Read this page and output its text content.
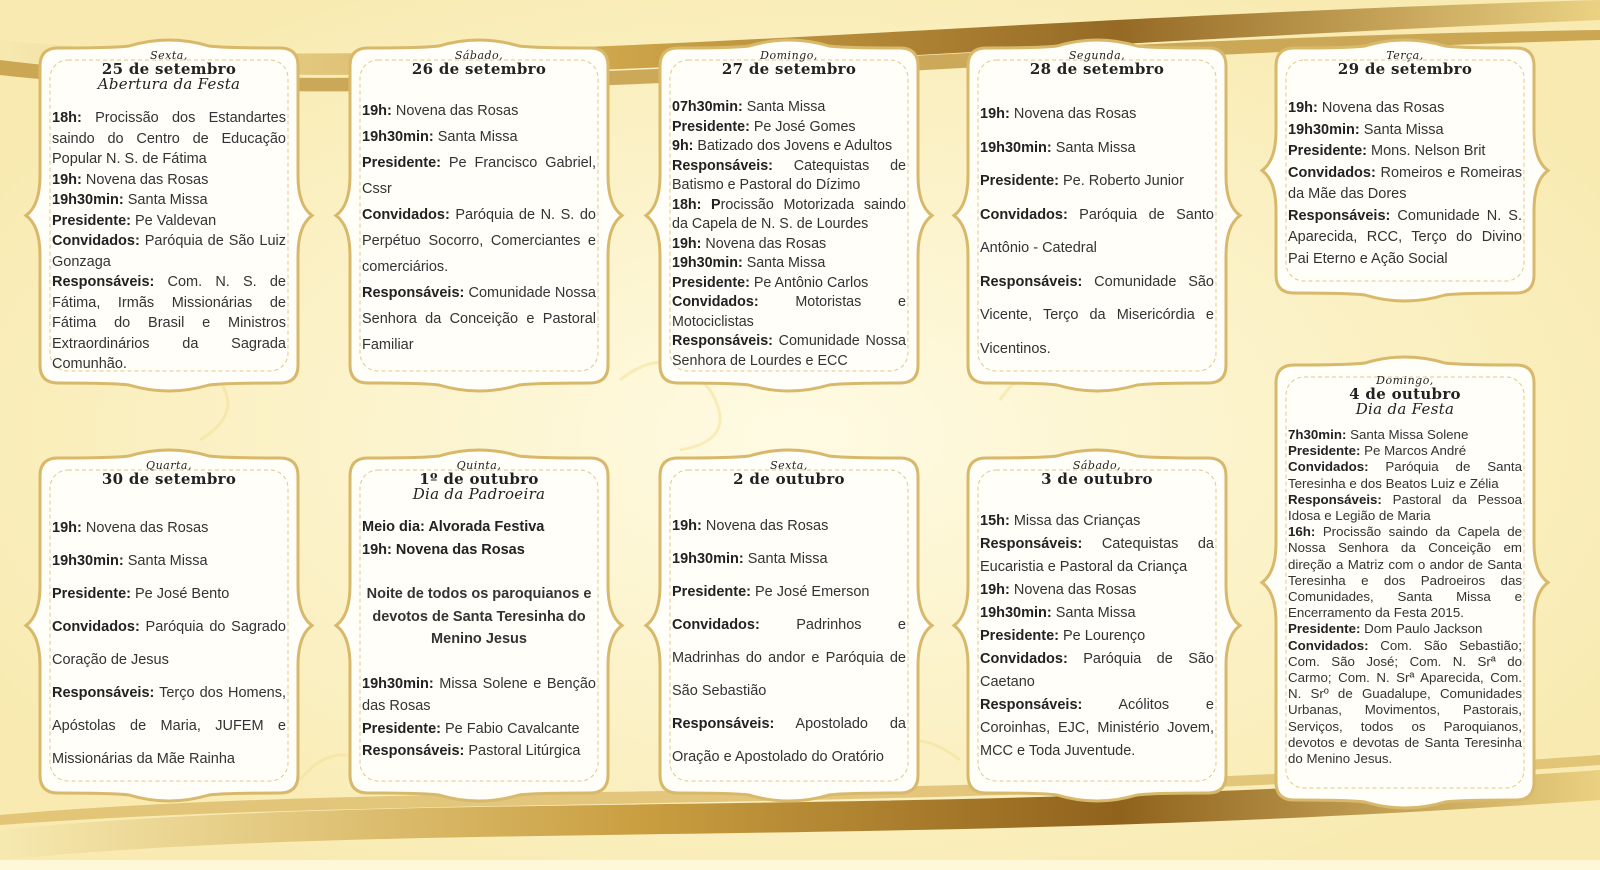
Sexta,
25 de setembro
Abertura da Festa

18h: Procissão dos Estandartes saindo do Centro de Educação Popular N. S. de Fátima

19h: Novena das Rosas

19h30min: Santa Missa

Presidente: Pe Valdevan

Convidados: Paróquia de São Luiz Gonzaga

Responsáveis: Com. N. S. de Fátima, Irmãs Missionárias de Fátima do Brasil e Ministros Extraordinários da Sagrada Comunhão.

Sábado,
26 de setembro

19h: Novena das Rosas

19h30min: Santa Missa

Presidente: Pe Francisco Gabriel, Cssr

Convidados: Paróquia de N. S. do Perpétuo Socorro, Comerciantes e comerciários.

Responsáveis: Comunidade Nossa Senhora da Conceição e Pastoral Familiar

Domingo,
27 de setembro

07h30min: Santa Missa

Presidente: Pe José Gomes

9h: Batizado dos Jovens e Adultos

Responsáveis: Catequistas de Batismo e Pastoral do Dízimo

18h: Procissão Motorizada saindo da Capela de N. S. de Lourdes

19h: Novena das Rosas

19h30min: Santa Missa

Presidente: Pe Antônio Carlos

Convidados: Motoristas e Motociclistas

Responsáveis: Comunidade Nossa Senhora de Lourdes e ECC

Segunda,
28 de setembro

19h: Novena das Rosas

19h30min: Santa Missa

Presidente: Pe. Roberto Junior

Convidados: Paróquia de Santo Antônio - Catedral

Responsáveis: Comunidade São Vicente, Terço da Misericórdia e Vicentinos.

Terça,
29 de setembro

19h: Novena das Rosas

19h30min: Santa Missa

Presidente: Mons. Nelson Brit

Convidados: Romeiros e Romeiras da Mãe das Dores

Responsáveis: Comunidade N. S. Aparecida, RCC, Terço do Divino Pai Eterno e Ação Social

Quarta,
30 de setembro

19h: Novena das Rosas

19h30min: Santa Missa

Presidente: Pe José Bento

Convidados: Paróquia do Sagrado Coração de Jesus

Responsáveis: Terço dos Homens, Apóstolas de Maria, JUFEM e Missionárias da Mãe Rainha

Quinta,
1º de outubro
Dia da Padroeira

Meio dia: Alvorada Festiva

19h: Novena das Rosas

Noite de todos os paroquianos e devotos de Santa Teresinha do Menino Jesus

19h30min: Missa Solene e Benção das Rosas

Presidente: Pe Fabio Cavalcante

Responsáveis: Pastoral Litúrgica

Sexta,
2 de outubro

19h: Novena das Rosas

19h30min: Santa Missa

Presidente: Pe José Emerson

Convidados: Padrinhos e Madrinhas do andor e Paróquia de São Sebastião

Responsáveis: Apostolado da Oração e Apostolado do Oratório

Sábado,
3 de outubro

15h: Missa das Crianças

Responsáveis: Catequistas da Eucaristia e Pastoral da Criança

19h: Novena das Rosas

19h30min: Santa Missa

Presidente: Pe Lourenço

Convidados: Paróquia de São Caetano

Responsáveis: Acólitos e Coroinhas, EJC, Ministério Jovem, MCC e Toda Juventude.

Domingo,
4 de outubro
Dia da Festa

7h30min: Santa Missa Solene

Presidente: Pe Marcos André

Convidados: Paróquia de Santa Teresinha e dos Beatos Luiz e Zélia

Responsáveis: Pastoral da Pessoa Idosa e Legião de Maria

16h: Procissão saindo da Capela de Nossa Senhora da Conceição em direção a Matriz com o andor de Santa Teresinha e dos Padroeiros das Comunidades, Santa Missa e Encerramento da Festa 2015.

Presidente: Dom Paulo Jackson

Convidados: Com. São Sebastião; Com. São José; Com. N. Srª do Carmo; Com. N. Srª Aparecida, Com. N. Srº de Guadalupe, Comunidades Urbanas, Movimentos, Pastorais, Serviços, todos os Paroquianos, devotos e devotas de Santa Teresinha do Menino Jesus.
